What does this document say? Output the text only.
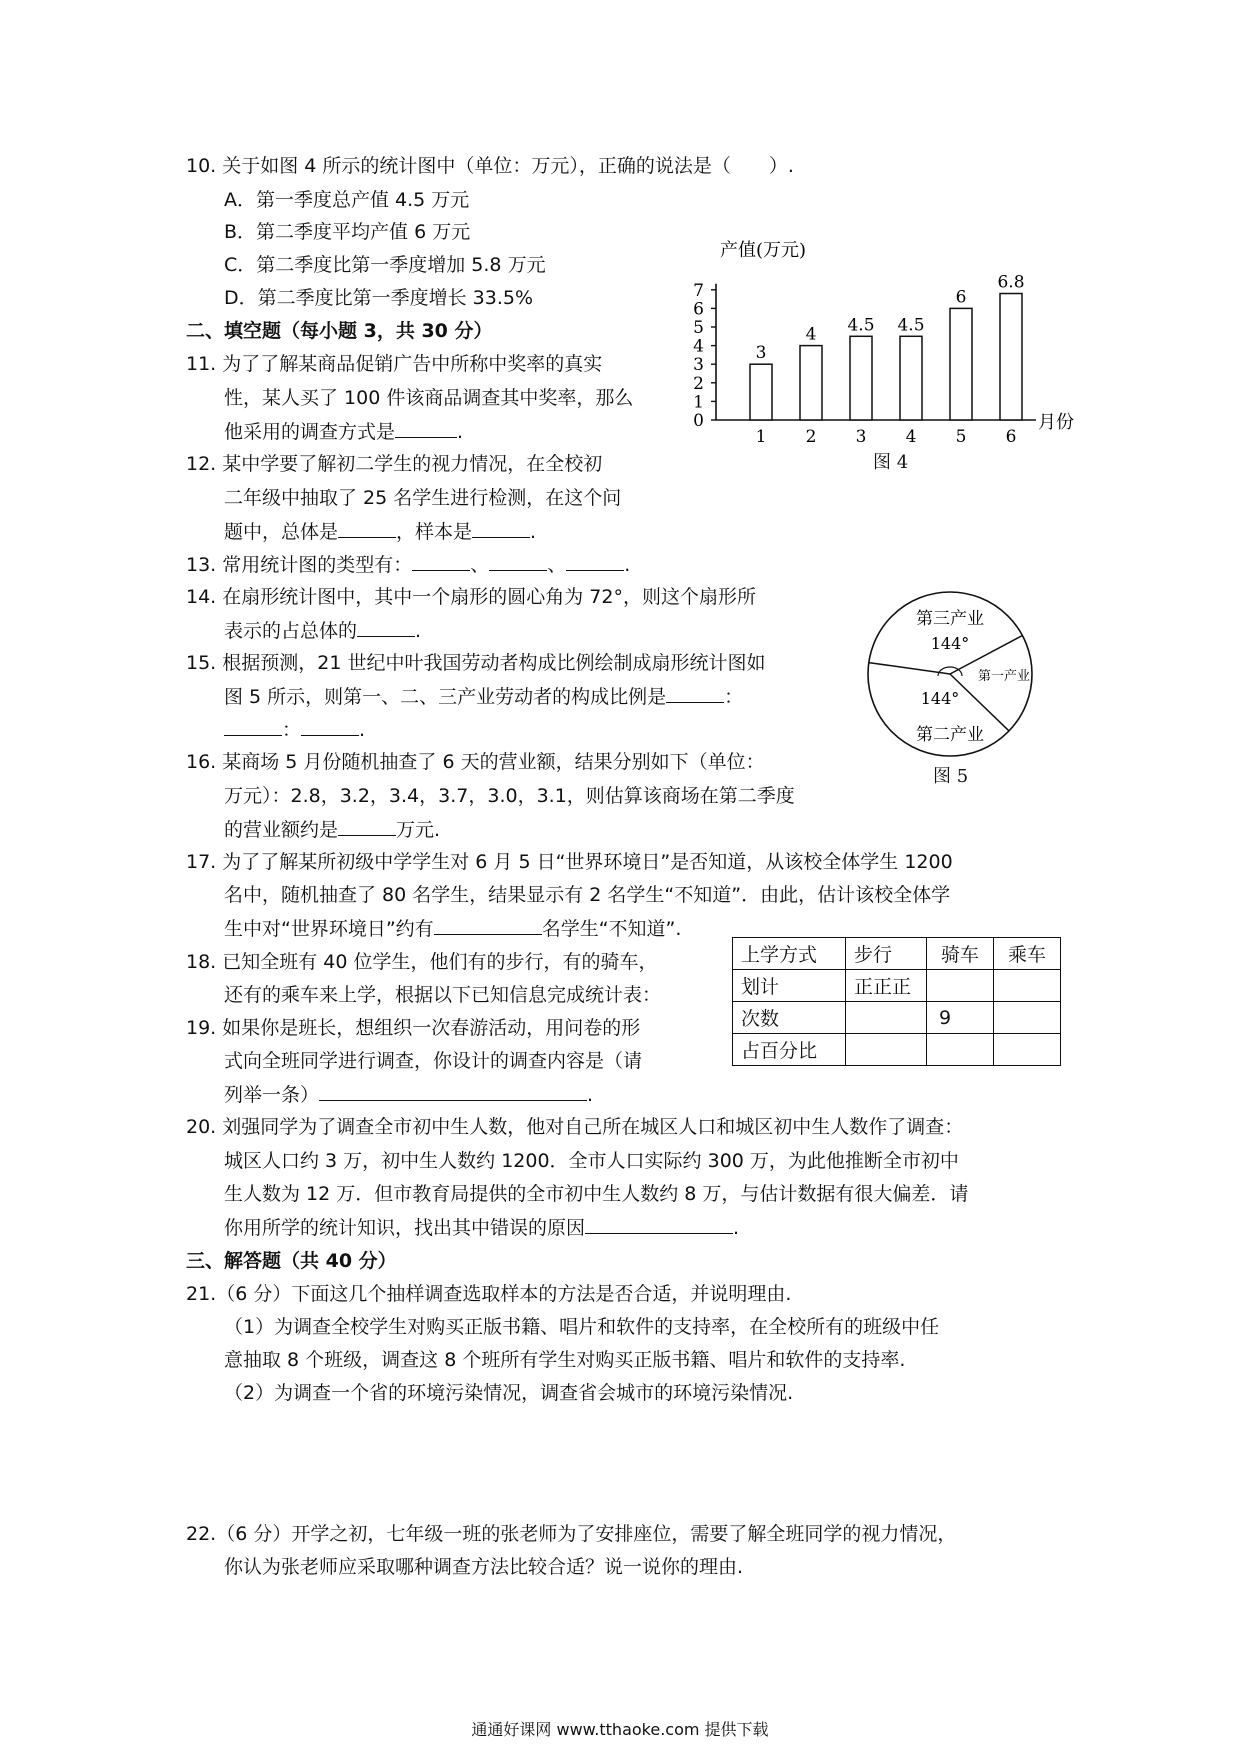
10. 关于如图 4 所示的统计图中（单位：万元），正确的说法是（　　）.
A．第一季度总产值 4.5 万元
B．第二季度平均产值 6 万元
C．第二季度比第一季度增加 5.8 万元
D．第二季度比第一季度增长 33.5%
二、填空题（每小题 3，共 30 分）
11. 为了了解某商品促销广告中所称中奖率的真实
性，某人买了 100 件该商品调查其中奖率，那么
他采用的调查方式是	.
12. 某中学要了解初二学生的视力情况，在全校初
二年级中抽取了 25 名学生进行检测，在这个问
题中，总体是	，样本是	.
13. 常用统计图的类型有：	、	、	.
14. 在扇形统计图中，其中一个扇形的圆心角为 72°，则这个扇形所
表示的占总体的	.
15. 根据预测，21 世纪中叶我国劳动者构成比例绘制成扇形统计图如
图 5 所示，则第一、二、三产业劳动者的构成比例是	：
：	.
16. 某商场 5 月份随机抽查了 6 天的营业额，结果分别如下（单位：
万元）：2.8，3.2，3.4，3.7，3.0，3.1，则估算该商场在第二季度
的营业额约是	万元.
17. 为了了解某所初级中学学生对 6 月 5 日“世界环境日”是否知道，从该校全体学生 1200
名中，随机抽查了 80 名学生，结果显示有 2 名学生“不知道”．由此，估计该校全体学
生中对“世界环境日”约有	名学生“不知道”.
18. 已知全班有 40 位学生，他们有的步行，有的骑车，
还有的乘车来上学，根据以下已知信息完成统计表：
19. 如果你是班长，想组织一次春游活动，用问卷的形
式向全班同学进行调查，你设计的调查内容是（请
列举一条）	.
上学方式	步行	骑车	乘车
划计	正正正		
次数		9	
占百分比			
20. 刘强同学为了调查全市初中生人数，他对自己所在城区人口和城区初中生人数作了调查：
城区人口约 3 万，初中生人数约 1200．全市人口实际约 300 万，为此他推断全市初中
生人数为 12 万．但市教育局提供的全市初中生人数约 8 万，与估计数据有很大偏差．请
你用所学的统计知识，找出其中错误的原因	.
三、解答题（共 40 分）
21.（6 分）下面这几个抽样调查选取样本的方法是否合适，并说明理由.
（1）为调查全校学生对购买正版书籍、唱片和软件的支持率，在全校所有的班级中任
意抽取 8 个班级，调查这 8 个班所有学生对购买正版书籍、唱片和软件的支持率.
（2）为调查一个省的环境污染情况，调查省会城市的环境污染情况.
22.（6 分）开学之初，七年级一班的张老师为了安排座位，需要了解全班同学的视力情况，
你认为张老师应采取哪种调查方法比较合适？说一说你的理由.
0
1
2
3
4
5
6
7
产值(万元)
月份
3
1
4
2
4.5
3
4.5
4
6
5
6.8
6
图 4
第三产业
144°
第一产业
第二产业
144°
图 5
通通好课网 www.tthaoke.com 提供下载
